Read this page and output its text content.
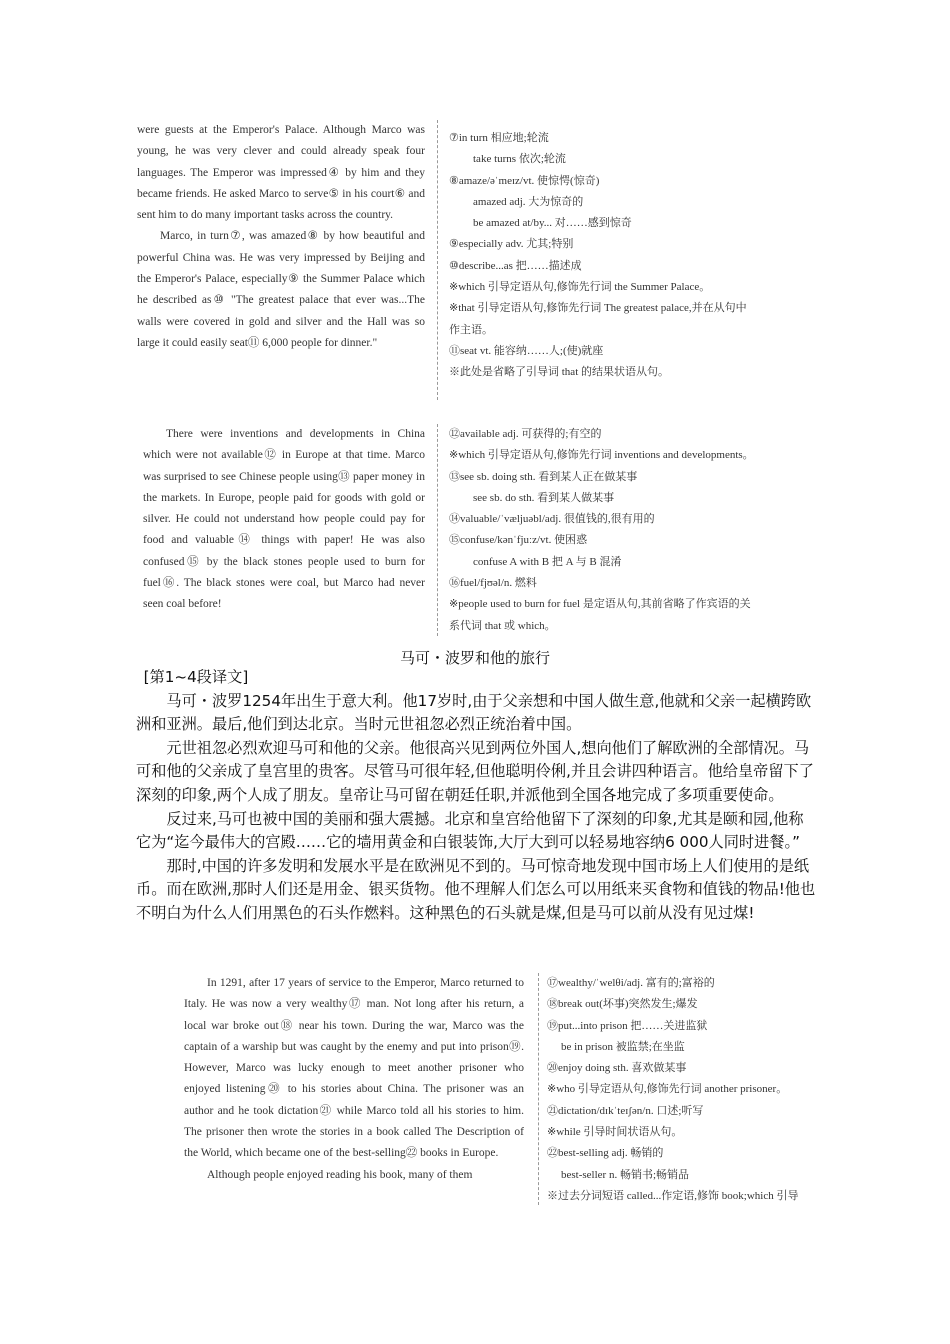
were guests at the Emperor's Palace. Although Marco was young, he was very clever and could already speak four languages. The Emperor was impressed④ by him and they became friends. He asked Marco to serve⑤ in his court⑥ and sent him to do many important tasks across the country.

Marco, in turn⑦, was amazed⑧ by how beautiful and powerful China was. He was very impressed by Beijing and the Emperor's Palace, especially⑨ the Summer Palace which he described as⑩ "The greatest palace that ever was...The walls were covered in gold and silver and the Hall was so large it could easily seat⑪ 6,000 people for dinner."

⑦in turn 相应地;轮流
take turns 依次;轮流
⑧amaze/əˈmeɪz/vt. 使惊愕(惊奇)
amazed adj. 大为惊奇的
be amazed at/by... 对……感到惊奇
⑨especially adv. 尤其;特别
⑩describe...as 把……描述成
※which 引导定语从句,修饰先行词 the Summer Palace。
※that 引导定语从句,修饰先行词 The greatest palace,并在从句中
作主语。
⑪seat vt. 能容纳……人;(使)就座
※此处是省略了引导词 that 的结果状语从句。

There were inventions and developments in China which were not available⑫ in Europe at that time. Marco was surprised to see Chinese people using⑬ paper money in the markets. In Europe, people paid for goods with gold or silver. He could not understand how people could pay for food and valuable⑭ things with paper! He was also confused⑮ by the black stones people used to burn for fuel⑯. The black stones were coal, but Marco had never seen coal before!

⑫available adj. 可获得的;有空的
※which 引导定语从句,修饰先行词 inventions and developments。
⑬see sb. doing sth. 看到某人正在做某事
see sb. do sth. 看到某人做某事
⑭valuable/ˈvæljuəbl/adj. 很值钱的,很有用的
⑮confuse/kənˈfjuːz/vt. 使困惑
confuse A with B 把 A 与 B 混淆
⑯fuel/fjʊəl/n. 燃料
※people used to burn for fuel 是定语从句,其前省略了作宾语的关
系代词 that 或 which。
马可・波罗和他的旅行

[第1~4段译文]

马可・波罗1254年出生于意大利。他17岁时,由于父亲想和中国人做生意,他就和父亲一起横跨欧洲和亚洲。最后,他们到达北京。当时元世祖忽必烈正统治着中国。

元世祖忽必烈欢迎马可和他的父亲。他很高兴见到两位外国人,想向他们了解欧洲的全部情况。马可和他的父亲成了皇宫里的贵客。尽管马可很年轻,但他聪明伶俐,并且会讲四种语言。他给皇帝留下了深刻的印象,两个人成了朋友。皇帝让马可留在朝廷任职,并派他到全国各地完成了多项重要使命。

反过来,马可也被中国的美丽和强大震撼。北京和皇宫给他留下了深刻的印象,尤其是颐和园,他称它为“迄今最伟大的宫殿……它的墙用黄金和白银装饰,大厅大到可以轻易地容纳6 000人同时进餐。”

那时,中国的许多发明和发展水平是在欧洲见不到的。马可惊奇地发现中国市场上人们使用的是纸币。而在欧洲,那时人们还是用金、银买货物。他不理解人们怎么可以用纸来买食物和值钱的物品!他也不明白为什么人们用黑色的石头作燃料。这种黑色的石头就是煤,但是马可以前从没有见过煤!

In 1291, after 17 years of service to the Emperor, Marco returned to Italy. He was now a very wealthy⑰ man. Not long after his return, a local war broke out⑱ near his town. During the war, Marco was the captain of a warship but was caught by the enemy and put into prison⑲. However, Marco was lucky enough to meet another prisoner who enjoyed listening⑳ to his stories about China. The prisoner was an author and he took dictation㉑ while Marco told all his stories to him. The prisoner then wrote the stories in a book called The Description of the World, which became one of the best-selling㉒ books in Europe.

Although people enjoyed reading his book, many of them

⑰wealthy/ˈwelθi/adj. 富有的;富裕的
⑱break out(坏事)突然发生;爆发
⑲put...into prison 把……关进监狱
be in prison 被监禁;在坐监
⑳enjoy doing sth. 喜欢做某事
※who 引导定语从句,修饰先行词 another prisoner。
㉑dictation/dɪkˈteɪʃən/n. 口述;听写
※while 引导时间状语从句。
㉒best-selling adj. 畅销的
best-seller n. 畅销书;畅销品
※过去分词短语 called...作定语,修饰 book;which 引导
